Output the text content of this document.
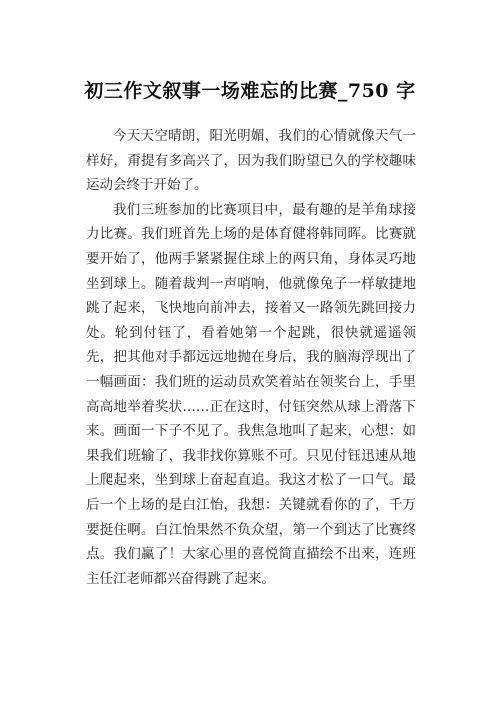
初三作文叙事一场难忘的比赛_750 字

今天天空晴朗，阳光明媚，我们的心情就像天气一样好，甭提有多高兴了，因为我们盼望已久的学校趣味运动会终于开始了。

我们三班参加的比赛项目中，最有趣的是羊角球接力比赛。我们班首先上场的是体育健将韩同晖。比赛就要开始了，他两手紧紧握住球上的两只角，身体灵巧地坐到球上。随着裁判一声哨响，他就像兔子一样敏捷地跳了起来，飞快地向前冲去，接着又一路领先跳回接力处。轮到付钰了，看着她第一个起跳，很快就遥遥领先，把其他对手都远远地抛在身后，我的脑海浮现出了一幅画面：我们班的运动员欢笑着站在领奖台上，手里高高地举着奖状……正在这时，付钰突然从球上滑落下来。画面一下子不见了。我焦急地叫了起来，心想：如果我们班输了，我非找你算账不可。只见付钰迅速从地上爬起来，坐到球上奋起直追。我这才松了一口气。最后一个上场的是白江怡，我想：关键就看你的了，千万要挺住啊。白江怡果然不负众望，第一个到达了比赛终点。我们赢了！大家心里的喜悦简直描绘不出来，连班主任江老师都兴奋得跳了起来。
